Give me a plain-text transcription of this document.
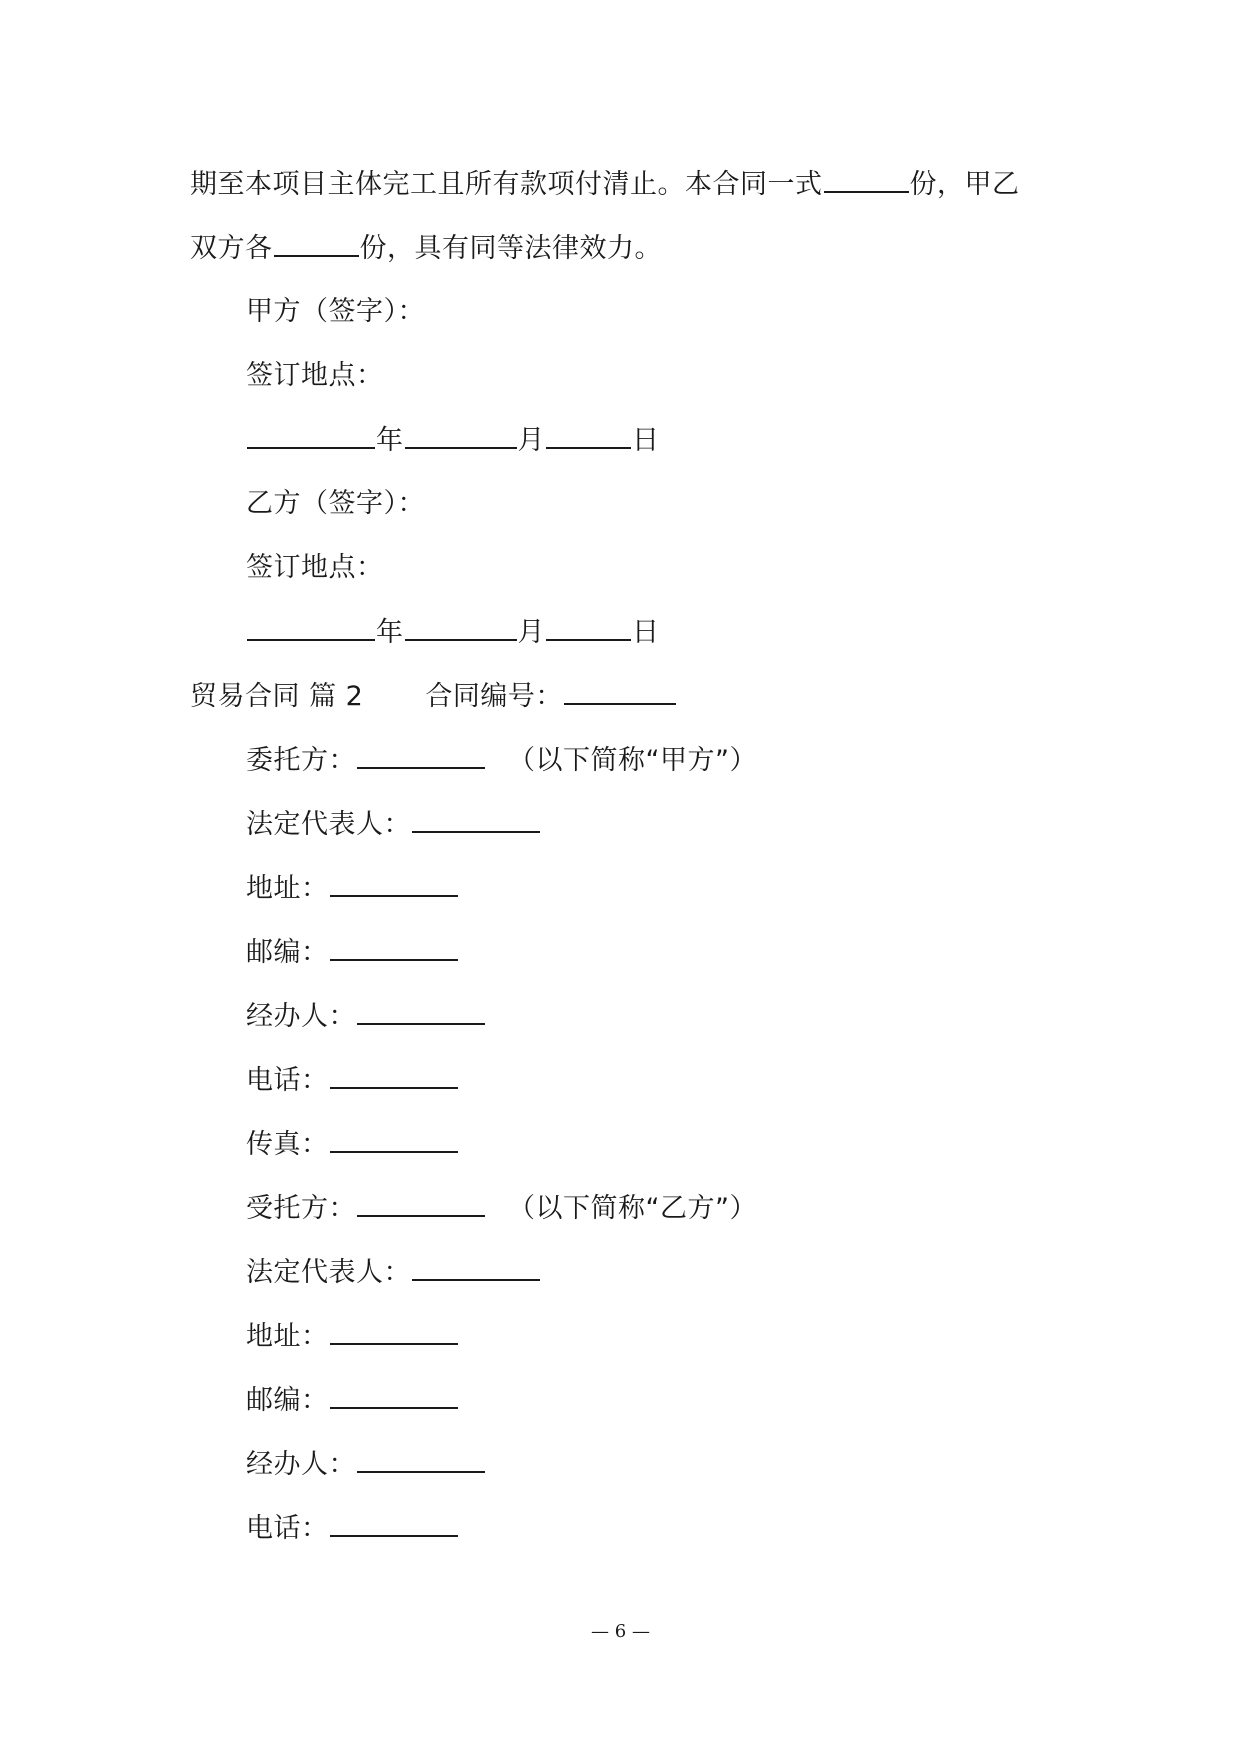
期至本项目主体完工且所有款项付清止。本合同一式	份，甲乙
双方各	份，具有同等法律效力。
甲方（签字）：
签订地点：
年	月	日
乙方（签字）：
签订地点：
年	月	日
贸易合同 篇 2 合同编号：
委托方：	（以下简称“甲方”）
法定代表人：
地址：
邮编：
经办人：
电话：
传真：
受托方：	（以下简称“乙方”）
法定代表人：
地址：
邮编：
经办人：
电话：
— 6 —
